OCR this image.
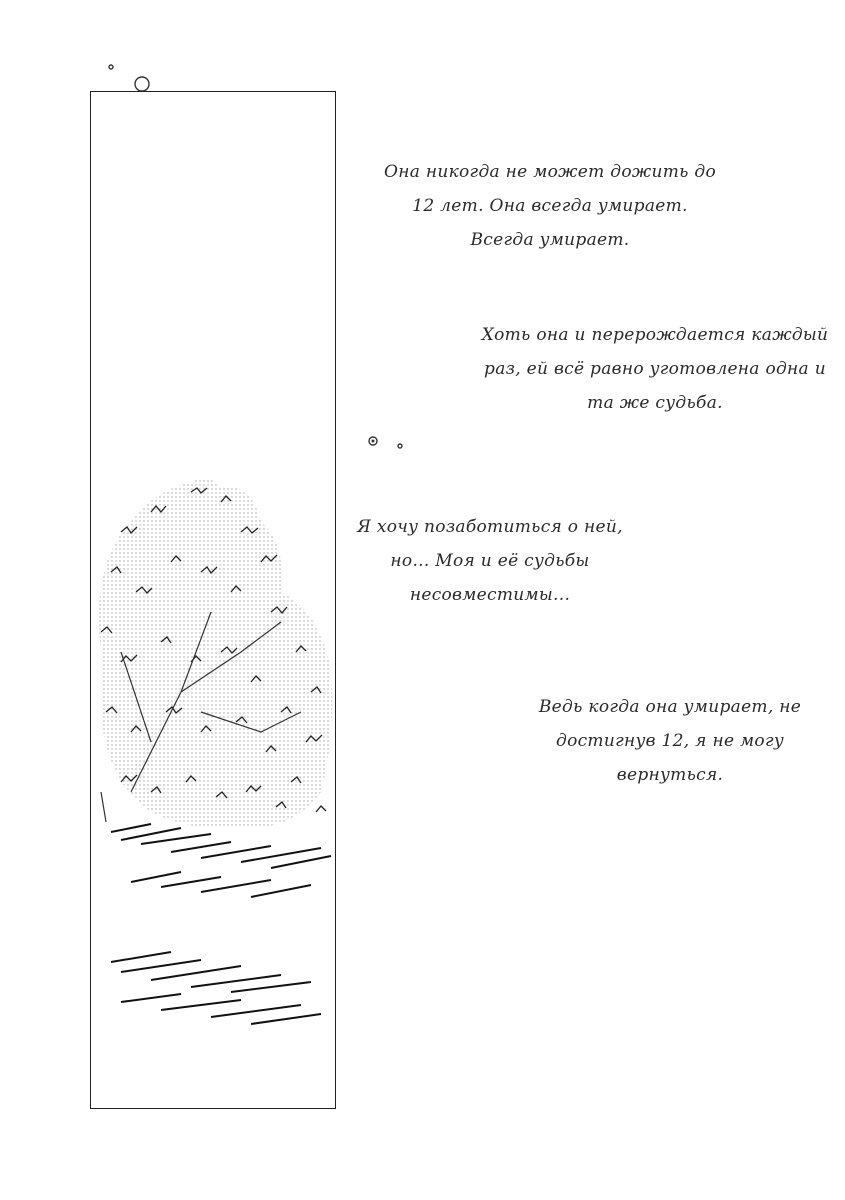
Она никогда не может дожить до
12 лет. Она всегда умирает.
Всегда умирает.
Хоть она и перерождается каждый
раз, ей всё равно уготовлена одна и
та же судьба.
Я хочу позаботиться о ней,
но... Моя и её судьбы
несовместимы...
Ведь когда она умирает, не
достигнув 12, я не могу
вернуться.
